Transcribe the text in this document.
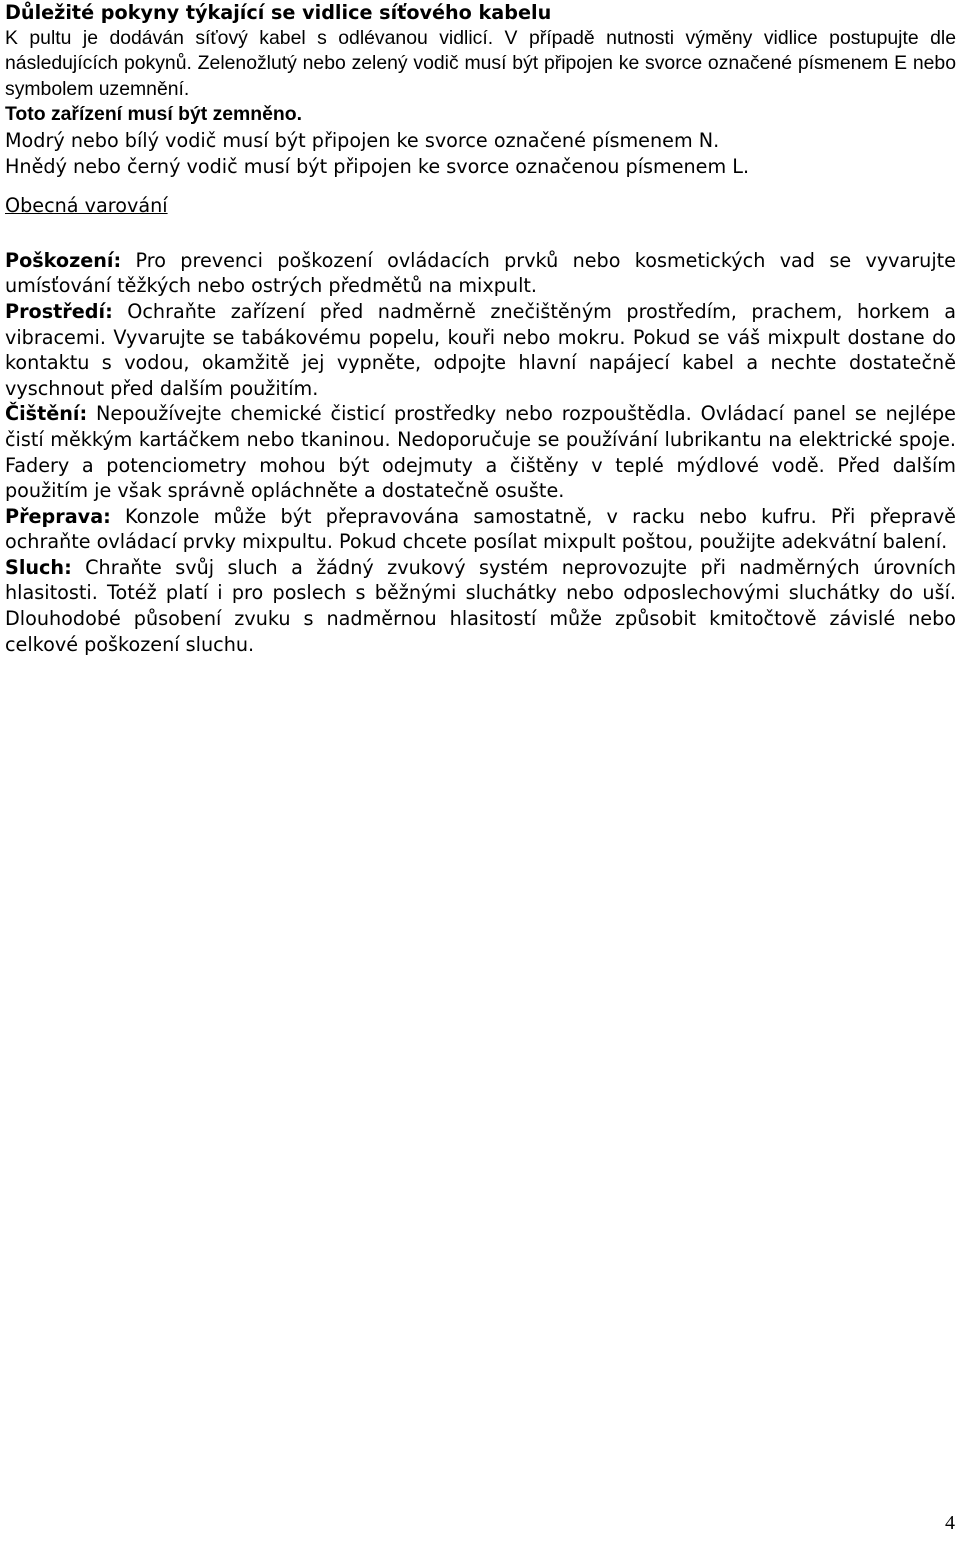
Důležité pokyny týkající se vidlice síťového kabelu
K pultu je dodáván síťový kabel s odlévanou vidlicí. V případě nutnosti výměny vidlice postupujte dle následujících pokynů. Zelenožlutý nebo zelený vodič musí být připojen ke svorce označené písmenem E nebo symbolem uzemnění.
Toto zařízení musí být zemněno.
Modrý nebo bílý vodič musí být připojen ke svorce označené písmenem N.
Hnědý nebo černý vodič musí být připojen ke svorce označenou písmenem L.
Obecná varování

Poškození: Pro prevenci poškození ovládacích prvků nebo kosmetických vad se vyvarujte umísťování těžkých nebo ostrých předmětů na mixpult.

Prostředí: Ochraňte zařízení před nadměrně znečištěným prostředím, prachem, horkem a vibracemi. Vyvarujte se tabákovému popelu, kouři nebo mokru. Pokud se váš mixpult dostane do kontaktu s vodou, okamžitě jej vypněte, odpojte hlavní napájecí kabel a nechte dostatečně vyschnout před dalším použitím.

Čištění: Nepoužívejte chemické čisticí prostředky nebo rozpouštědla. Ovládací panel se nejlépe čistí měkkým kartáčkem nebo tkaninou. Nedoporučuje se používání lubrikantu na elektrické spoje. Fadery a potenciometry mohou být odejmuty a čištěny v teplé mýdlové vodě. Před dalším použitím je však správně opláchněte a dostatečně osušte.

Přeprava: Konzole může být přepravována samostatně, v racku nebo kufru. Při přepravě ochraňte ovládací prvky mixpultu. Pokud chcete posílat mixpult poštou, použijte adekvátní balení.

Sluch: Chraňte svůj sluch a žádný zvukový systém neprovozujte při nadměrných úrovních hlasitosti. Totéž platí i pro poslech s běžnými sluchátky nebo odposlechovými sluchátky do uší. Dlouhodobé působení zvuku s nadměrnou hlasitostí může způsobit kmitočtově závislé nebo celkové poškození sluchu.

4
